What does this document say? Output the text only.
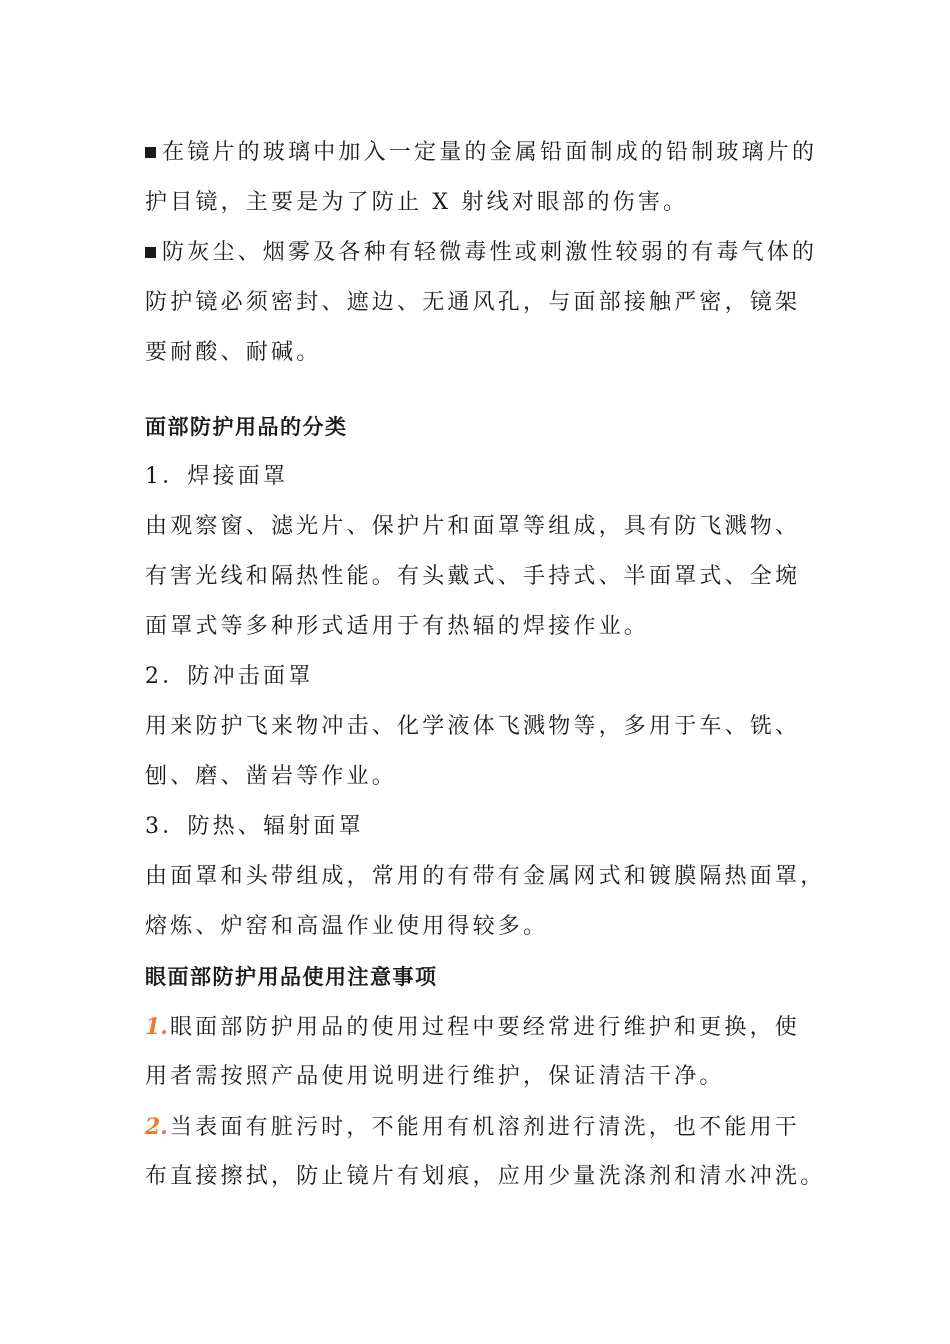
在镜片的玻璃中加入一定量的金属铅面制成的铅制玻璃片的
护目镜，主要是为了防止 X 射线对眼部的伤害。
防灰尘、烟雾及各种有轻微毒性或刺激性较弱的有毒气体的
防护镜必须密封、遮边、无通风孔，与面部接触严密，镜架
要耐酸、耐碱。
面部防护用品的分类
1．焊接面罩
由观察窗、滤光片、保护片和面罩等组成，具有防飞溅物、
有害光线和隔热性能。有头戴式、手持式、半面罩式、全埦
面罩式等多种形式适用于有热辐的焊接作业。
2．防冲击面罩
用来防护飞来物冲击、化学液体飞溅物等，多用于车、铣、
刨、磨、凿岩等作业。
3．防热、辐射面罩
由面罩和头带组成，常用的有带有金属网式和镀膜隔热面罩，
熔炼、炉窑和高温作业使用得较多。
眼面部防护用品使用注意事项
1.眼面部防护用品的使用过程中要经常进行维护和更换，使
用者需按照产品使用说明进行维护，保证清洁干净。
2.当表面有脏污时，不能用有机溶剂进行清洗，也不能用干
布直接擦拭，防止镜片有划痕，应用少量洗涤剂和清水冲洗。
